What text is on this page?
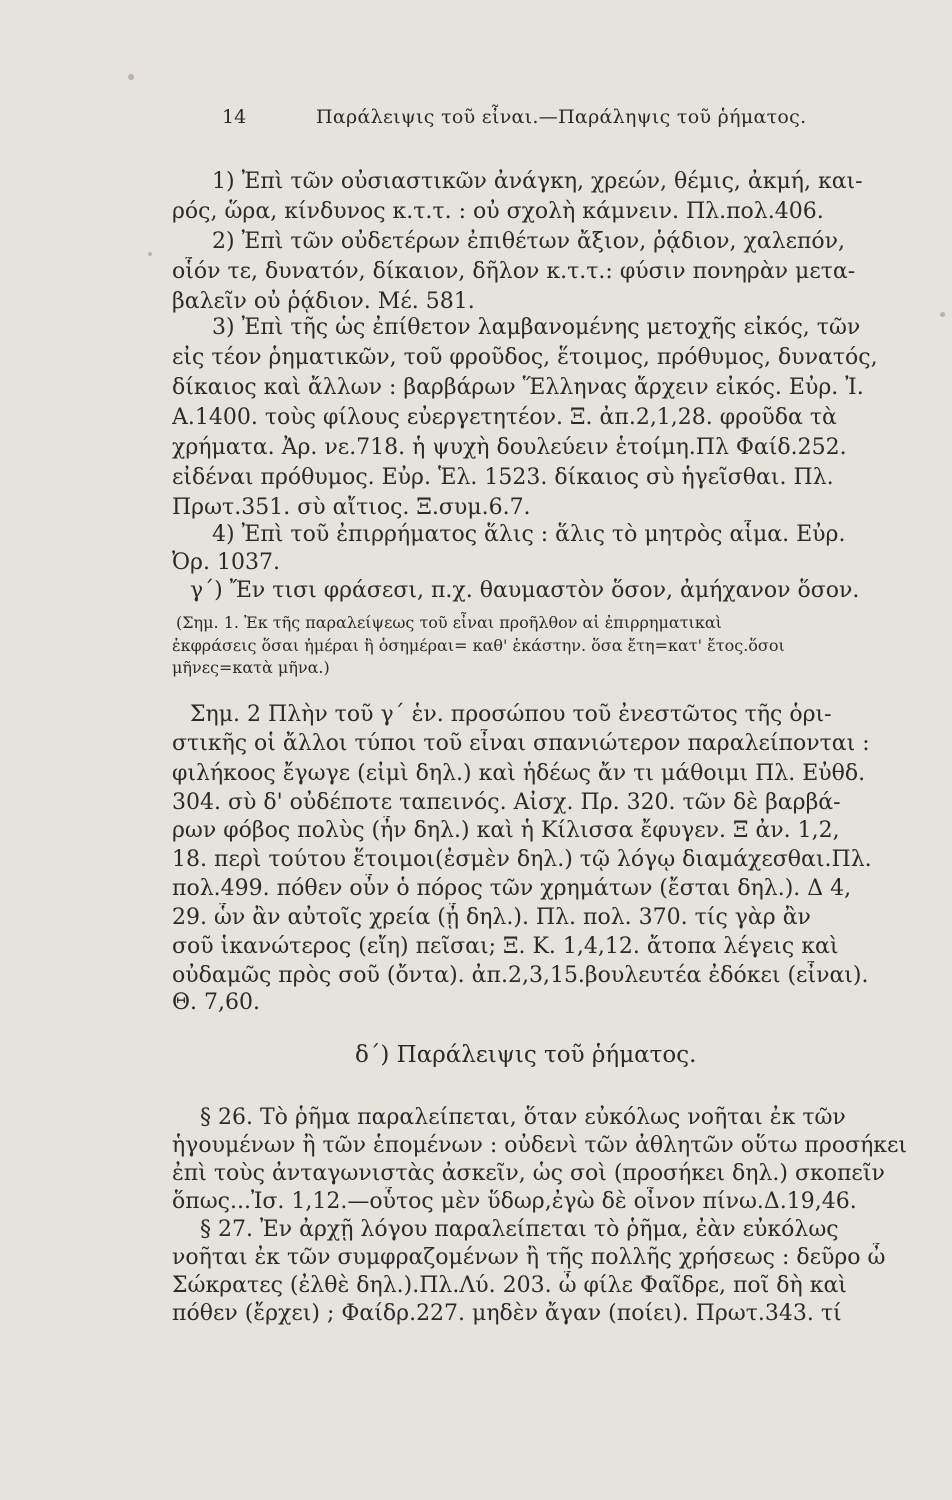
14	Παράλειψις τοῦ εἶναι.—Παράληψις τοῦ ῥήματος.
1) Ἐπὶ τῶν οὐσιαστικῶν ἀνάγκη, χρεών, θέμις, ἀκμή, και-
ρός, ὥρα, κίνδυνος κ.τ.τ. : οὐ σχολὴ κάμνειν. Πλ.πολ.406.
2) Ἐπὶ τῶν οὐδετέρων ἐπιθέτων ἄξιον, ῥᾴδιον, χαλεπόν,
οἷόν τε, δυνατόν, δίκαιον, δῆλον κ.τ.τ.: φύσιν πονηρὰν μετα-
βαλεῖν οὐ ῥᾴδιον. Μέ. 581.
3) Ἐπὶ τῆς ὡς ἐπίθετον λαμβανομένης μετοχῆς εἰκός, τῶν
εἰς τέον ῥηματικῶν, τοῦ φροῦδος, ἕτοιμος, πρόθυμος, δυνατός,
δίκαιος καὶ ἄλλων : βαρβάρων Ἕλληνας ἄρχειν εἰκός. Εὐρ. Ἰ.
Α.1400. τοὺς φίλους εὐεργετητέον. Ξ. ἀπ.2,1,28. φροῦδα τὰ
χρήματα. Ἀρ. νε.718. ἡ ψυχὴ δουλεύειν ἑτοίμη.Πλ Φαίδ.252.
εἰδέναι πρόθυμος. Εὐρ. Ἑλ. 1523. δίκαιος σὺ ἡγεῖσθαι. Πλ.
Πρωτ.351. σὺ αἴτιος. Ξ.συμ.6.7.
4) Ἐπὶ τοῦ ἐπιρρήματος ἅλις : ἅλις τὸ μητρὸς αἷμα. Εὐρ.
Ὀρ. 1037.
γ΄) Ἔν τισι φράσεσι, π.χ. θαυμαστὸν ὅσον, ἀμήχανον ὅσον.
(Σημ. 1. Ἐκ τῆς παραλείψεως τοῦ εἶναι προῆλθον αἱ ἐπιρρηματικαὶ
ἐκφράσεις ὅσαι ἡμέραι ἢ ὁσημέραι= καθ' ἑκάστην. ὅσα ἔτη=κατ' ἔτος.ὅσοι
μῆνες=κατὰ μῆνα.)
Σημ. 2 Πλὴν τοῦ γ΄ ἑν. προσώπου τοῦ ἐνεστῶτος τῆς ὁρι-
στικῆς οἱ ἄλλοι τύποι τοῦ εἶναι σπανιώτερον παραλείπονται :
φιλήκοος ἔγωγε (εἰμὶ δηλ.) καὶ ἡδέως ἄν τι μάθοιμι Πλ. Εὐθδ.
304. σὺ δ' οὐδέποτε ταπεινός. Αἰσχ. Πρ. 320. τῶν δὲ βαρβά-
ρων φόβος πολὺς (ἦν δηλ.) καὶ ἡ Κίλισσα ἔφυγεν. Ξ ἀν. 1,2,
18. περὶ τούτου ἕτοιμοι(ἐσμὲν δηλ.) τῷ λόγῳ διαμάχεσθαι.Πλ.
πολ.499. πόθεν οὖν ὁ πόρος τῶν χρημάτων (ἔσται δηλ.). Δ 4,
29. ὧν ἂν αὐτοῖς χρεία (ᾖ δηλ.). Πλ. πολ. 370. τίς γὰρ ἂν
σοῦ ἱκανώτερος (εἴη) πεῖσαι; Ξ. Κ. 1,4,12. ἄτοπα λέγεις καὶ
οὐδαμῶς πρὸς σοῦ (ὄντα). ἀπ.2,3,15.βουλευτέα ἐδόκει (εἶναι).
Θ. 7,60.
δ΄) Παράλειψις τοῦ ῥήματος.
§ 26. Τὸ ῥῆμα παραλείπεται, ὅταν εὐκόλως νοῆται ἐκ τῶν
ἡγουμένων ἢ τῶν ἑπομένων : οὐδενὶ τῶν ἀθλητῶν οὕτω προσήκει
ἐπὶ τοὺς ἀνταγωνιστὰς ἀσκεῖν, ὡς σοὶ (προσήκει δηλ.) σκοπεῖν
ὅπως...Ἰσ. 1,12.—οὗτος μὲν ὕδωρ,ἐγὼ δὲ οἶνον πίνω.Δ.19,46.
§ 27. Ἐν ἀρχῇ λόγου παραλείπεται τὸ ῥῆμα, ἐὰν εὐκόλως
νοῆται ἐκ τῶν συμφραζομένων ἢ τῆς πολλῆς χρήσεως : δεῦρο ὦ
Σώκρατες (ἐλθὲ δηλ.).Πλ.Λύ. 203. ὦ φίλε Φαῖδρε, ποῖ δὴ καὶ
πόθεν (ἔρχει) ; Φαίδρ.227. μηδὲν ἄγαν (ποίει). Πρωτ.343. τί
